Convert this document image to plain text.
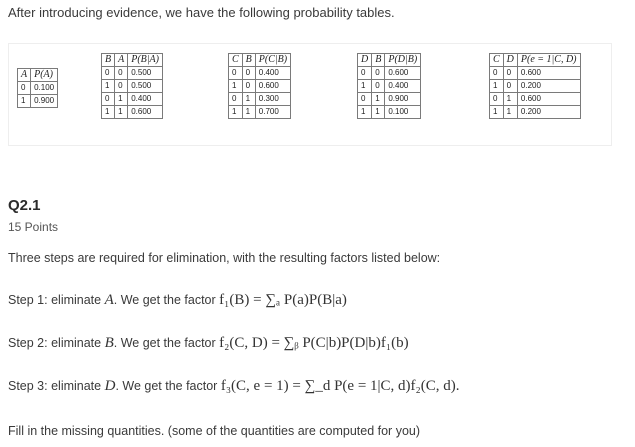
After introducing evidence, we have the following probability tables.
A	P(A)
0	0.100
1	0.900
B	A	P(B|A)
0	0	0.500
1	0	0.500
0	1	0.400
1	1	0.600
C	B	P(C|B)
0	0	0.400
1	0	0.600
0	1	0.300
1	1	0.700
D	B	P(D|B)
0	0	0.600
1	0	0.400
0	1	0.900
1	1	0.100
C	D	P(e = 1|C, D)
0	0	0.600
1	0	0.200
0	1	0.600
1	1	0.200
Q2.1
15 Points
Three steps are required for elimination, with the resulting factors listed below:
Step 1: eliminate A. We get the factor f₁(B) = ∑ₐ P(a)P(B|a)
Step 2: eliminate B. We get the factor f₂(C, D) = ∑ᵦ P(C|b)P(D|b)f₁(b)
Step 3: eliminate D. We get the factor f₃(C, e = 1) = ∑_d P(e = 1|C, d)f₂(C, d).
Fill in the missing quantities. (some of the quantities are computed for you)
